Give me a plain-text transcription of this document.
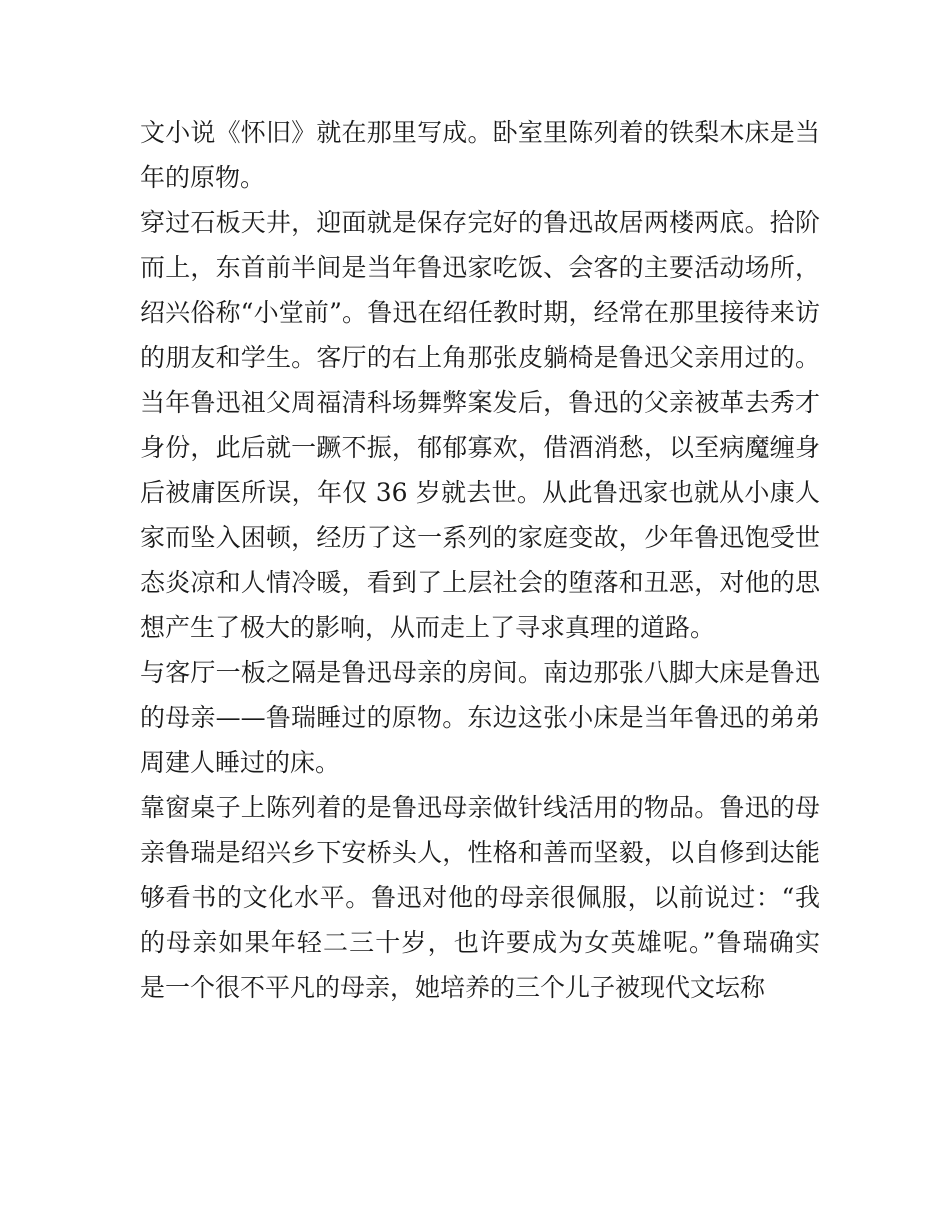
文小说《怀旧》就在那里写成。卧室里陈列着的铁梨木床是当
年的原物。
穿过石板天井，迎面就是保存完好的鲁迅故居两楼两底。拾阶
而上，东首前半间是当年鲁迅家吃饭、会客的主要活动场所，
绍兴俗称“小堂前”。鲁迅在绍任教时期，经常在那里接待来访
的朋友和学生。客厅的右上角那张皮躺椅是鲁迅父亲用过的。
当年鲁迅祖父周福清科场舞弊案发后，鲁迅的父亲被革去秀才
身份，此后就一蹶不振，郁郁寡欢，借酒消愁，以至病魔缠身
后被庸医所误，年仅 36 岁就去世。从此鲁迅家也就从小康人
家而坠入困顿，经历了这一系列的家庭变故，少年鲁迅饱受世
态炎凉和人情冷暖，看到了上层社会的堕落和丑恶，对他的思
想产生了极大的影响，从而走上了寻求真理的道路。
与客厅一板之隔是鲁迅母亲的房间。南边那张八脚大床是鲁迅
的母亲——鲁瑞睡过的原物。东边这张小床是当年鲁迅的弟弟
周建人睡过的床。
靠窗桌子上陈列着的是鲁迅母亲做针线活用的物品。鲁迅的母
亲鲁瑞是绍兴乡下安桥头人，性格和善而坚毅，以自修到达能
够看书的文化水平。鲁迅对他的母亲很佩服，以前说过：“我
的母亲如果年轻二三十岁，也许要成为女英雄呢。”鲁瑞确实
是一个很不平凡的母亲，她培养的三个儿子被现代文坛称
